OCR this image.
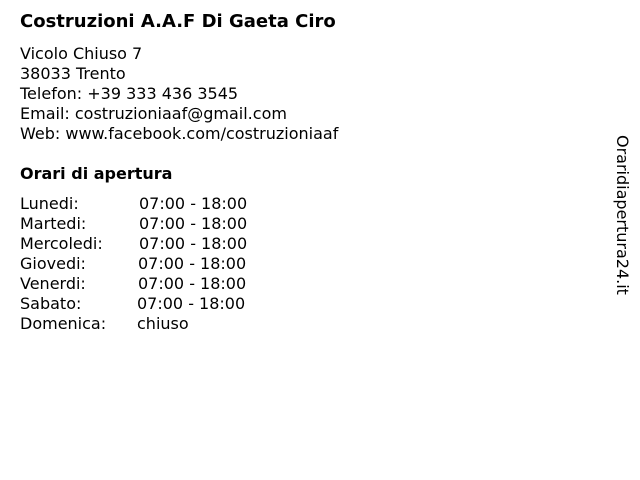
Costruzioni A.A.F Di Gaeta Ciro
Vicolo Chiuso 7
38033 Trento
Telefon: +39 333 436 3545
Email: costruzioniaaf@gmail.com
Web: www.facebook.com/costruzioniaaf
Orari di apertura
Lunedi:	07:00 - 18:00
Martedi:	07:00 - 18:00
Mercoledi: 07:00 - 18:00
Giovedi:	07:00 - 18:00
Venerdi:	07:00 - 18:00
Sabato:	07:00 - 18:00
Domenica: chiuso
Oraridiapertura24.it
